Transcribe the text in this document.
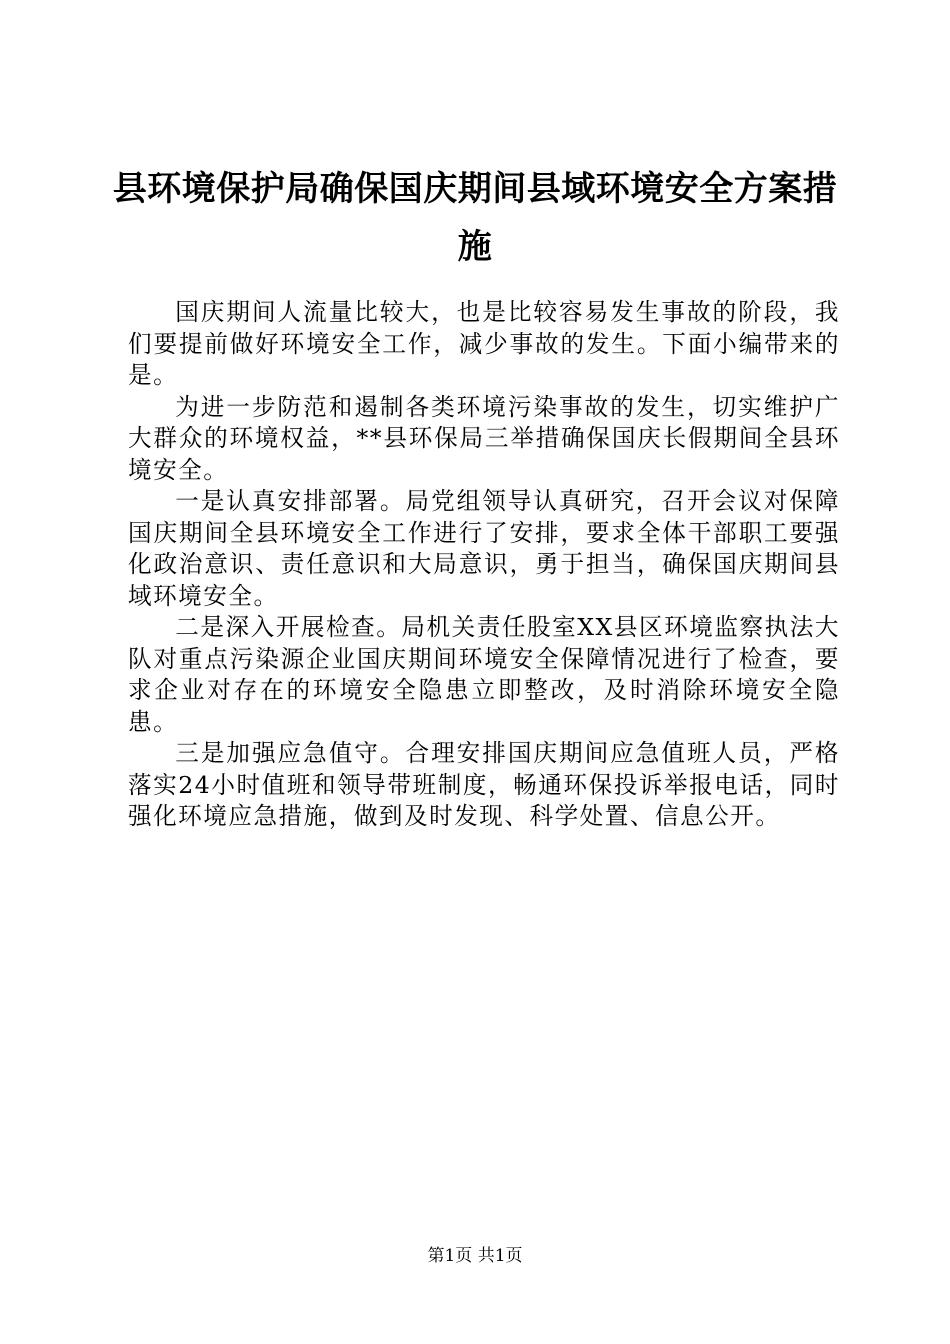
县环境保护局确保国庆期间县域环境安全方案措施

国庆期间人流量比较大，也是比较容易发生事故的阶段，我们要提前做好环境安全工作，减少事故的发生。下面小编带来的是。

为进一步防范和遏制各类环境污染事故的发生，切实维护广大群众的环境权益，**县环保局三举措确保国庆长假期间全县环境安全。

一是认真安排部署。局党组领导认真研究，召开会议对保障国庆期间全县环境安全工作进行了安排，要求全体干部职工要强化政治意识、责任意识和大局意识，勇于担当，确保国庆期间县域环境安全。

二是深入开展检查。局机关责任股室XX县区环境监察执法大队对重点污染源企业国庆期间环境安全保障情况进行了检查，要求企业对存在的环境安全隐患立即整改，及时消除环境安全隐患。

三是加强应急值守。合理安排国庆期间应急值班人员，严格落实24小时值班和领导带班制度，畅通环保投诉举报电话，同时强化环境应急措施，做到及时发现、科学处置、信息公开。

第1页 共1页
